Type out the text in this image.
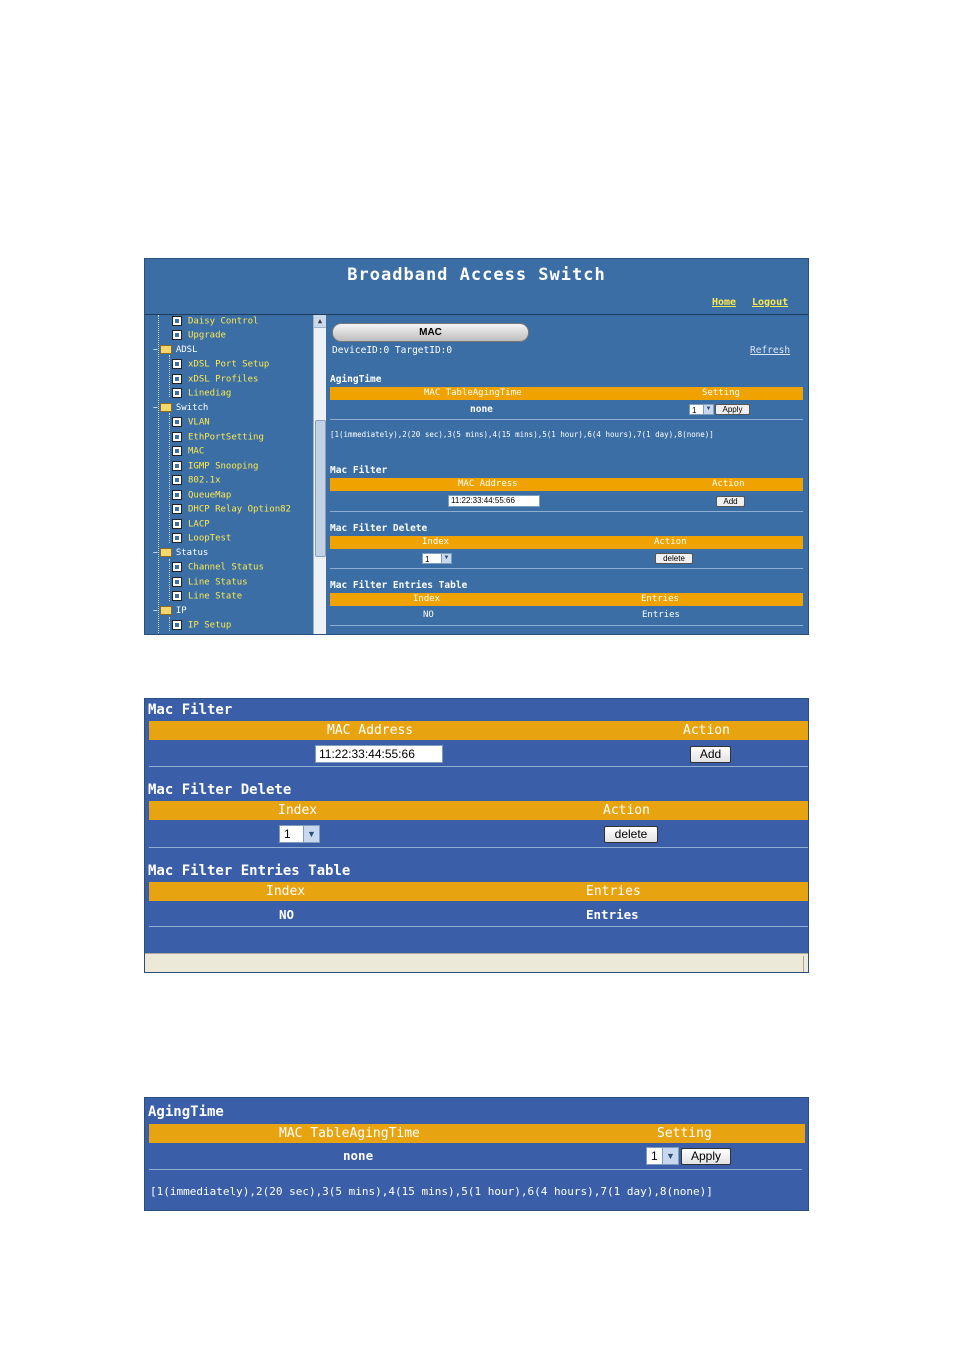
Broadband Access Switch
Home Logout
Daisy Control
Upgrade
− ADSL
xDSL Port Setup
xDSL Profiles
Linediag
− Switch
VLAN
EthPortSetting
MAC
IGMP Snooping
802.1x
QueueMap
DHCP Relay Option82
LACP
LoopTest
− Status
Channel Status
Line Status
Line State
− IP
IP Setup
▲
MAC
DeviceID:0 TargetID:0	Refresh
AgingTime
MAC TableAgingTime	Setting
none	1	▼	Apply
[1(immediately),2(20 sec),3(5 mins),4(15 mins),5(1 hour),6(4 hours),7(1 day),8(none)]
Mac Filter
MAC Address	Action
11:22:33:44:55:66	Add
Mac Filter Delete
Index	Action
1	▼	delete
Mac Filter Entries Table
Index	Entries
NO	Entries
Mac Filter
MAC Address	Action
11:22:33:44:55:66	Add
Mac Filter Delete
Index	Action
1	▼	delete
Mac Filter Entries Table
Index	Entries
NO	Entries
AgingTime
MAC TableAgingTime	Setting
none	1 ▼	Apply
[1(immediately),2(20 sec),3(5 mins),4(15 mins),5(1 hour),6(4 hours),7(1 day),8(none)]
